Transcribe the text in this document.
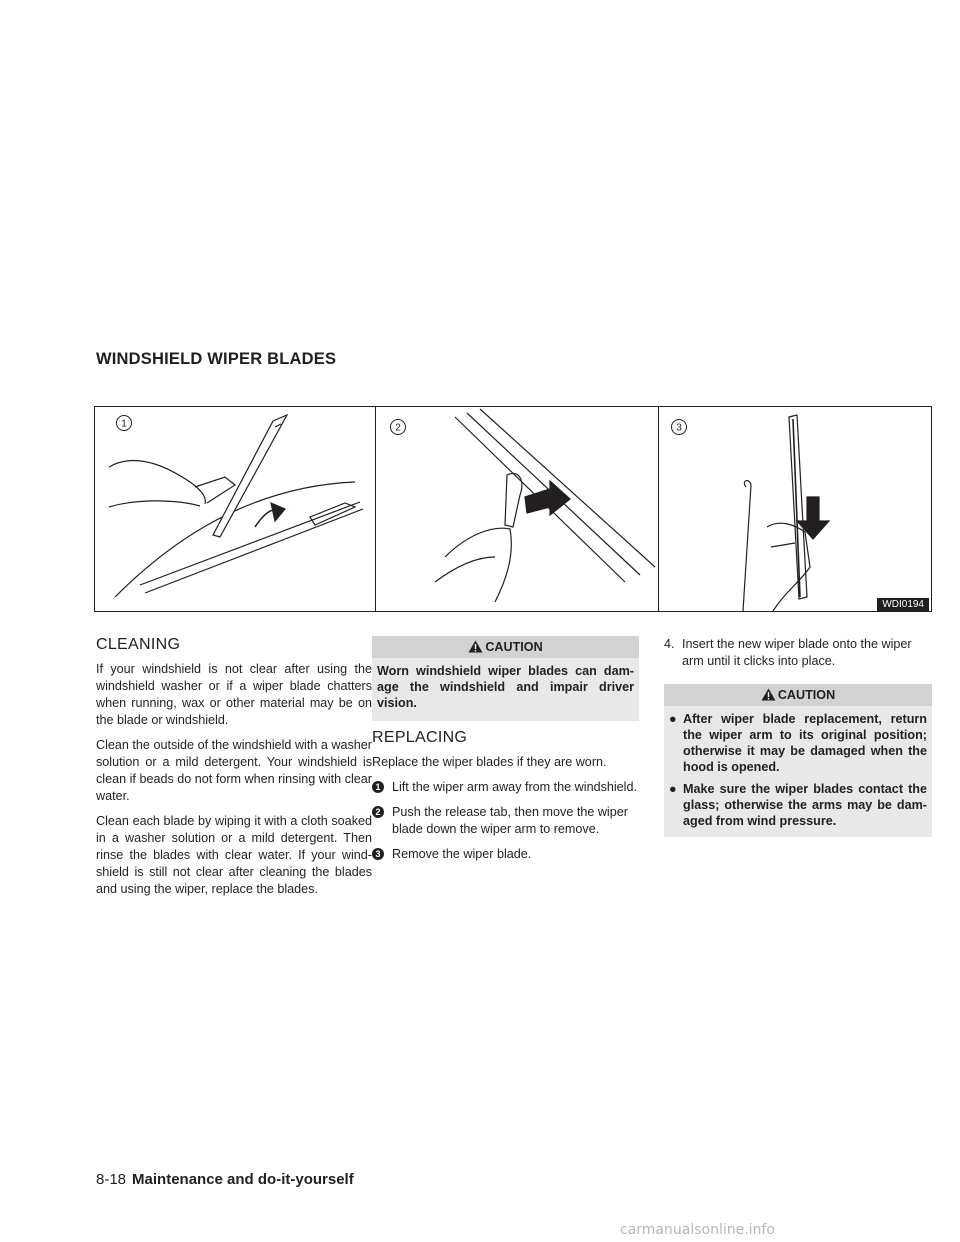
WINDSHIELD WIPER BLADES
1	2	3
WDI0194
CLEANING

If your windshield is not clear after using the windshield washer or if a wiper blade chatters when running, wax or other material may be on the blade or windshield.

Clean the outside of the windshield with a washer solution or a mild detergent. Your windshield is clean if beads do not form when rinsing with clear water.

Clean each blade by wiping it with a cloth soaked in a washer solution or a mild detergent. Then rinse the blades with clear water. If your wind-shield is still not clear after cleaning the blades and using the wiper, replace the blades.

CAUTION

Worn windshield wiper blades can dam-age the windshield and impair driver vision.

REPLACING

Replace the wiper blades if they are worn.

1 Lift the wiper arm away from the windshield.
2 Push the release tab, then move the wiper blade down the wiper arm to remove.
3 Remove the wiper blade.
4. Insert the new wiper blade onto the wiper arm until it clicks into place.
CAUTION
● After wiper blade replacement, return the wiper arm to its original position; otherwise it may be damaged when the hood is opened.
● Make sure the wiper blades contact the glass; otherwise the arms may be dam-aged from wind pressure.
8-18 Maintenance and do-it-yourself
carmanualsonline.info
